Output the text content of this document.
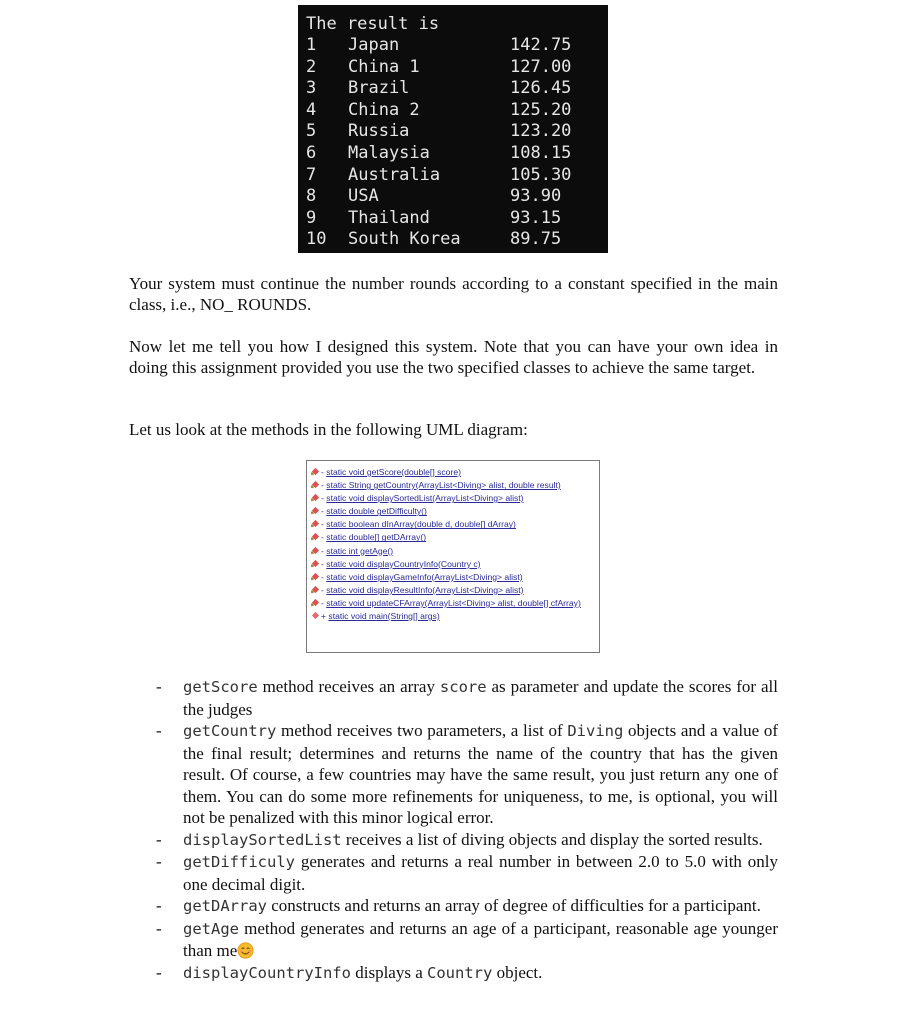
The result is
1 Japan	142.75
2 China 1	127.00
3 Brazil	126.45
4 China 2	125.20
5 Russia	123.20
6 Malaysia	108.15
7 Australia	105.30
8 USA	93.90
9 Thailand	93.15
10 South Korea	89.75

Your system must continue the number rounds according to a constant specified in the main class, i.e., NO_ ROUNDS.

Now let me tell you how I designed this system. Note that you can have your own idea in doing this assignment provided you use the two specified classes to achieve the same target.

Let us look at the methods in the following UML diagram:

- static void getScore(double[] score)
- static String getCountry(ArrayList<Diving> alist, double result)
- static void displaySortedList(ArrayList<Diving> alist)
- static double getDifficulty()
- static boolean dInArray(double d, double[] dArray)
- static double[] getDArray()
- static int getAge()
- static void displayCountryInfo(Country c)
- static void displayGameInfo(ArrayList<Diving> alist)
- static void displayResultInfo(ArrayList<Diving> alist)
- static void updateCFArray(ArrayList<Diving> alist, double[] cfArray)
+ static void main(String[] args)
- getScore method receives an array score as parameter and update the scores for all the judges
- getCountry method receives two parameters, a list of Diving objects and a value of the final result; determines and returns the name of the country that has the given result. Of course, a few countries may have the same result, you just return any one of them. You can do some more refinements for uniqueness, to me, is optional, you will not be penalized with this minor logical error.
- displaySortedList receives a list of diving objects and display the sorted results.
- getDifficuly generates and returns a real number in between 2.0 to 5.0 with only one decimal digit.
- getDArray constructs and returns an array of degree of difficulties for a participant.
- getAge method generates and returns an age of a participant, reasonable age younger than me
- displayCountryInfo displays a Country object.
